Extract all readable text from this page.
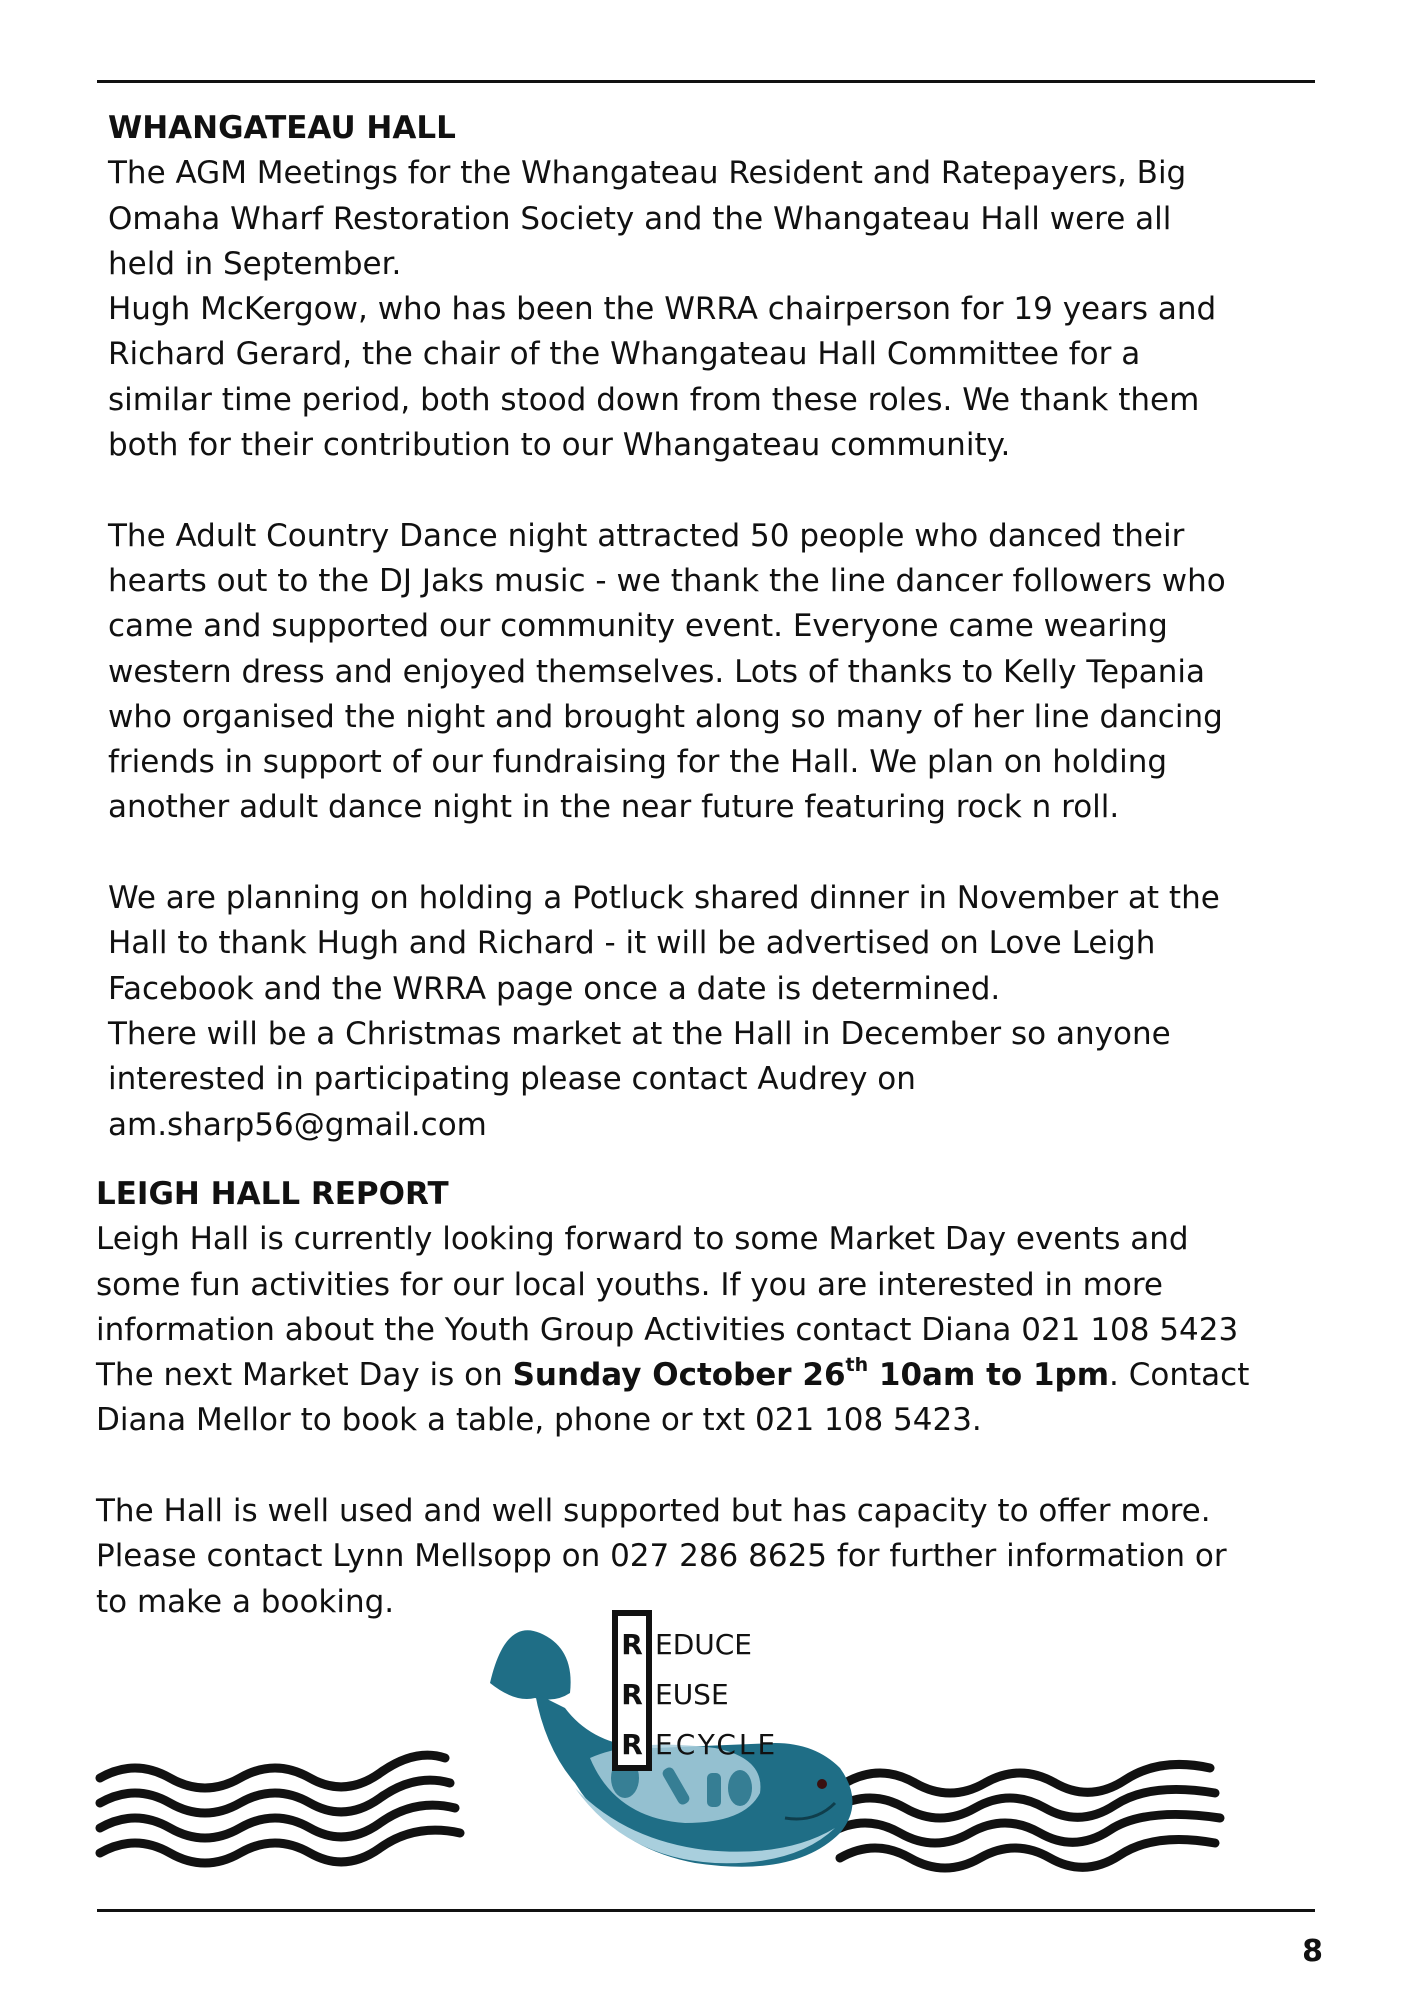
WHANGATEAU HALL
The AGM Meetings for the Whangateau Resident and Ratepayers, Big
Omaha Wharf Restoration Society and the Whangateau Hall were all
held in September.
Hugh McKergow, who has been the WRRA chairperson for 19 years and
Richard Gerard, the chair of the Whangateau Hall Committee for a
similar time period, both stood down from these roles. We thank them
both for their contribution to our Whangateau community.
The Adult Country Dance night attracted 50 people who danced their
hearts out to the DJ Jaks music - we thank the line dancer followers who
came and supported our community event. Everyone came wearing
western dress and enjoyed themselves. Lots of thanks to Kelly Tepania
who organised the night and brought along so many of her line dancing
friends in support of our fundraising for the Hall. We plan on holding
another adult dance night in the near future featuring rock n roll.
We are planning on holding a Potluck shared dinner in November at the
Hall to thank Hugh and Richard - it will be advertised on Love Leigh
Facebook and the WRRA page once a date is determined.
There will be a Christmas market at the Hall in December so anyone
interested in participating please contact Audrey on
am.sharp56@gmail.com
LEIGH HALL REPORT
Leigh Hall is currently looking forward to some Market Day events and
some fun activities for our local youths. If you are interested in more
information about the Youth Group Activities contact Diana 021 108 5423
The next Market Day is on Sunday October 26th 10am to 1pm. Contact
Diana Mellor to book a table, phone or txt 021 108 5423.
The Hall is well used and well supported but has capacity to offer more.
Please contact Lynn Mellsopp on 027 286 8625 for further information or
to make a booking.
R
R
R
EDUCE
EUSE
ECYCLE
8
